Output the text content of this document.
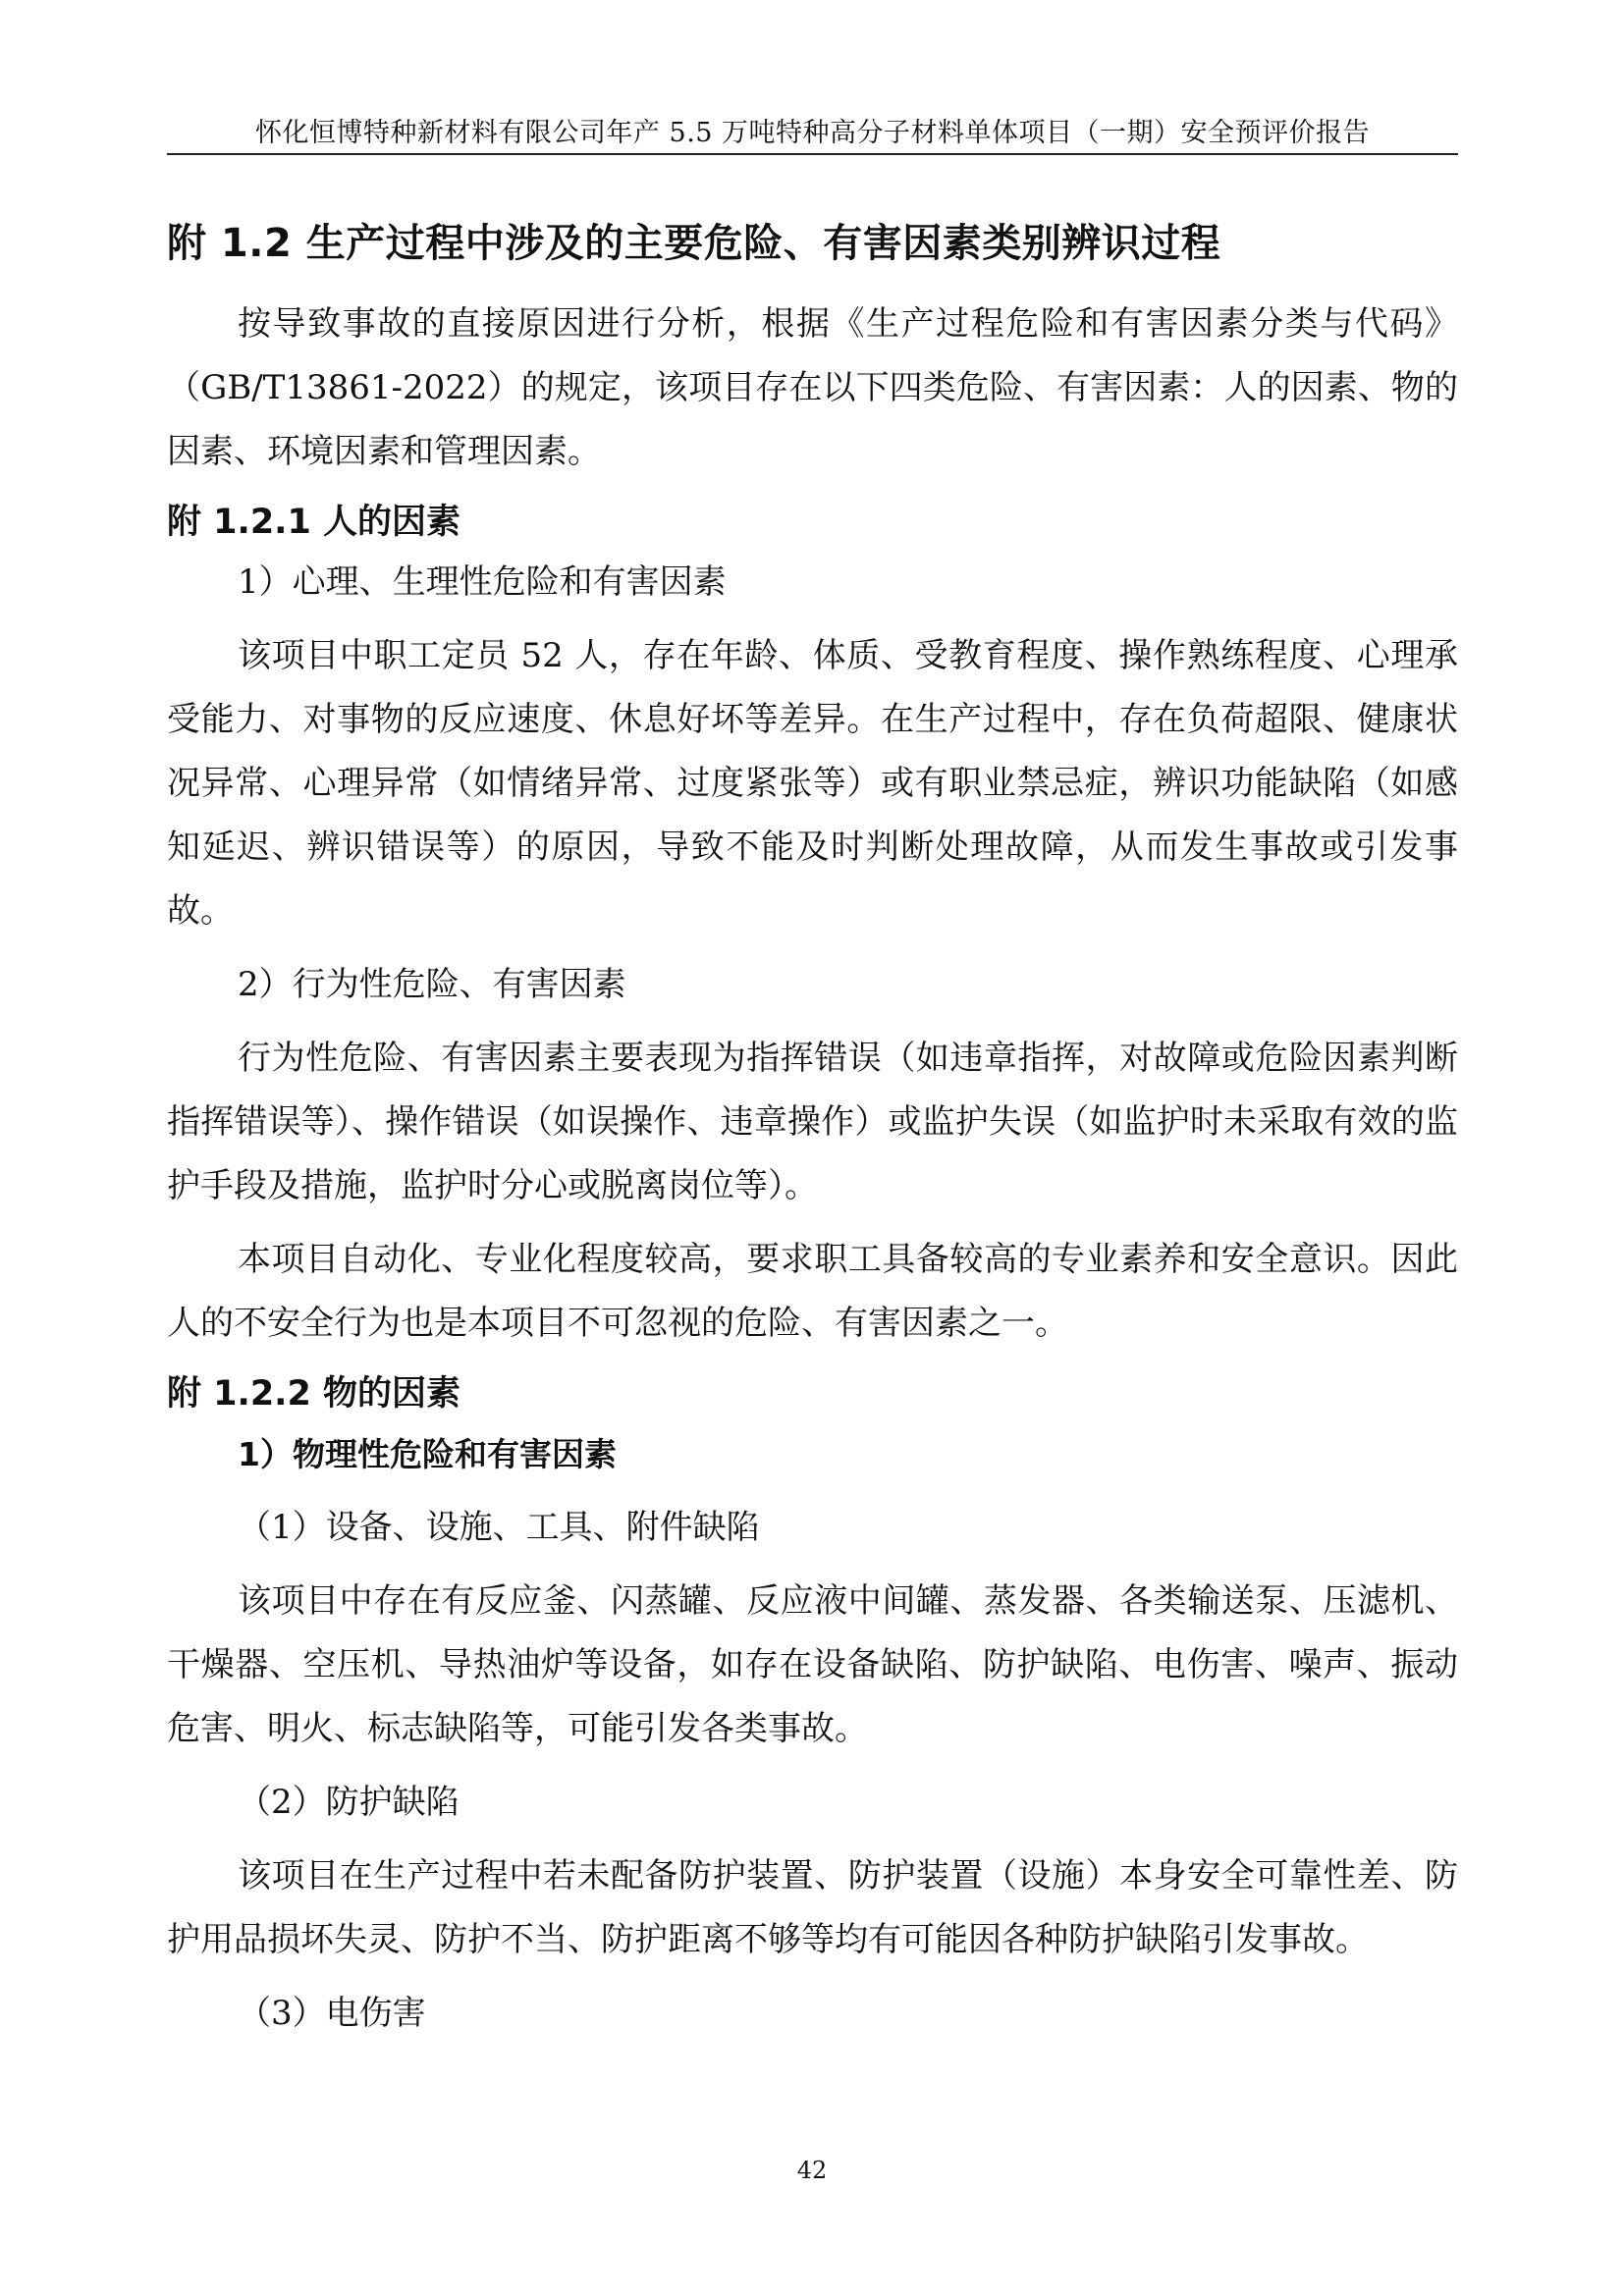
怀化恒博特种新材料有限公司年产 5.5 万吨特种高分子材料单体项目（一期）安全预评价报告
附 1.2 生产过程中涉及的主要危险、有害因素类别辨识过程
按导致事故的直接原因进行分析，根据《生产过程危险和有害因素分类与代码》（GB/T13861-2022）的规定，该项目存在以下四类危险、有害因素：人的因素、物的因素、环境因素和管理因素。
附 1.2.1 人的因素
1）心理、生理性危险和有害因素
该项目中职工定员 52 人，存在年龄、体质、受教育程度、操作熟练程度、心理承受能力、对事物的反应速度、休息好坏等差异。在生产过程中，存在负荷超限、健康状况异常、心理异常（如情绪异常、过度紧张等）或有职业禁忌症，辨识功能缺陷（如感知延迟、辨识错误等）的原因，导致不能及时判断处理故障，从而发生事故或引发事故。
2）行为性危险、有害因素
行为性危险、有害因素主要表现为指挥错误（如违章指挥，对故障或危险因素判断指挥错误等）、操作错误（如误操作、违章操作）或监护失误（如监护时未采取有效的监护手段及措施，监护时分心或脱离岗位等）。
本项目自动化、专业化程度较高，要求职工具备较高的专业素养和安全意识。因此人的不安全行为也是本项目不可忽视的危险、有害因素之一。
附 1.2.2 物的因素
1）物理性危险和有害因素
（1）设备、设施、工具、附件缺陷
该项目中存在有反应釜、闪蒸罐、反应液中间罐、蒸发器、各类输送泵、压滤机、干燥器、空压机、导热油炉等设备，如存在设备缺陷、防护缺陷、电伤害、噪声、振动危害、明火、标志缺陷等，可能引发各类事故。
（2）防护缺陷
该项目在生产过程中若未配备防护装置、防护装置（设施）本身安全可靠性差、防护用品损坏失灵、防护不当、防护距离不够等均有可能因各种防护缺陷引发事故。
（3）电伤害
42
